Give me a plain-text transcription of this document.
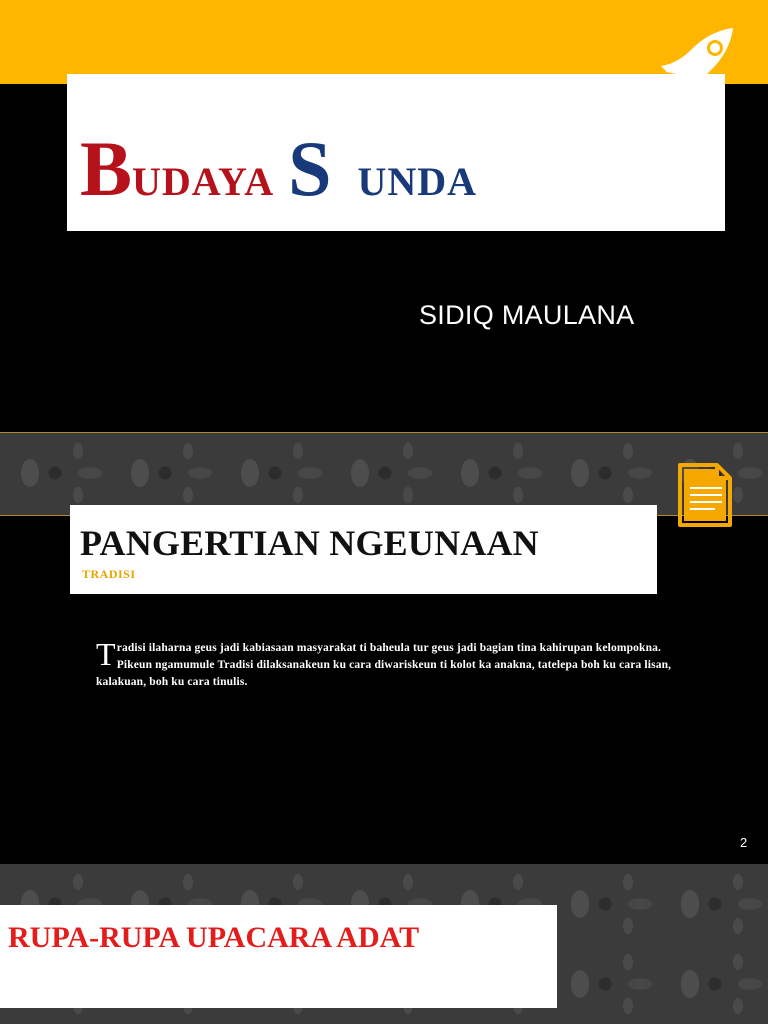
BUDAYA S UNDA
SIDIQ MAULANA
PANGERTIAN NGEUNAAN
TRADISI
Tradisi ilaharna geus jadi kabiasaan masyarakat ti baheula tur geus jadi bagian tina kahirupan kelompokna. Pikeun ngamumule Tradisi dilaksanakeun ku cara diwariskeun ti kolot ka anakna, tatelepa boh ku cara lisan, kalakuan, boh ku cara tinulis.
2
RUPA-RUPA UPACARA ADAT
